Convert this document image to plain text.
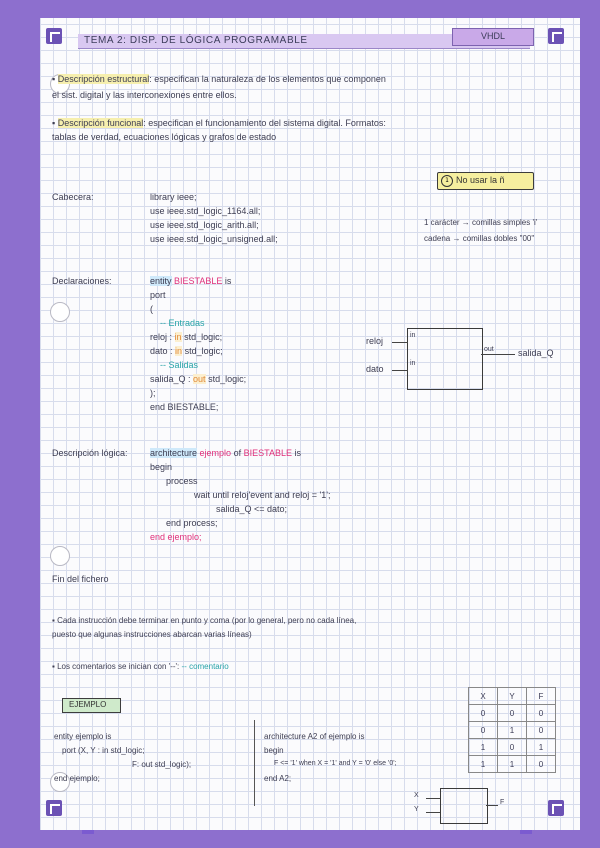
TEMA 2: DISP. DE LÓGICA PROGRAMABLE	VHDL
▪ Descripción estructural: especifican la naturaleza de los elementos que componen
el sist. digital y las interconexiones entre ellos.
▪ Descripción funcional: especifican el funcionamiento del sistema digital. Formatos:
tablas de verdad, ecuaciones lógicas y grafos de estado
1 No usar la ñ
Cabecera:	library ieee;
use ieee.std_logic_1164.all;
use ieee.std_logic_arith.all;
use ieee.std_logic_unsigned.all;
1 carácter → comillas simples 'i'
cadena → comillas dobles "00"
Declaraciones:	entity BIESTABLE is
port
(
-- Entradas
reloj : in std_logic;
dato : in std_logic;
-- Salidas
salida_Q : out std_logic;
);
end BIESTABLE;
reloj
dato
in
in
out	salida_Q
Descripción lógica: architecture ejemplo of BIESTABLE is
begin
process
wait until reloj'event and reloj = '1';
salida_Q <= dato;
end process;
end ejemplo;
Fin del fichero
▪ Cada instrucción debe terminar en punto y coma (por lo general, pero no cada línea,
puesto que algunas instrucciones abarcan varias líneas)
▪ Los comentarios se inician con '--': -- comentario
EJEMPLO
X	Y	F
0	0	0
0	1	0
1	0	1
1	1	0
entity ejemplo is
port (X, Y : in std_logic;
F: out std_logic);
end ejemplo;
architecture A2 of ejemplo is
begin
F <= '1' when X = '1' and Y = '0' else '0';
end A2;
X
Y
F
